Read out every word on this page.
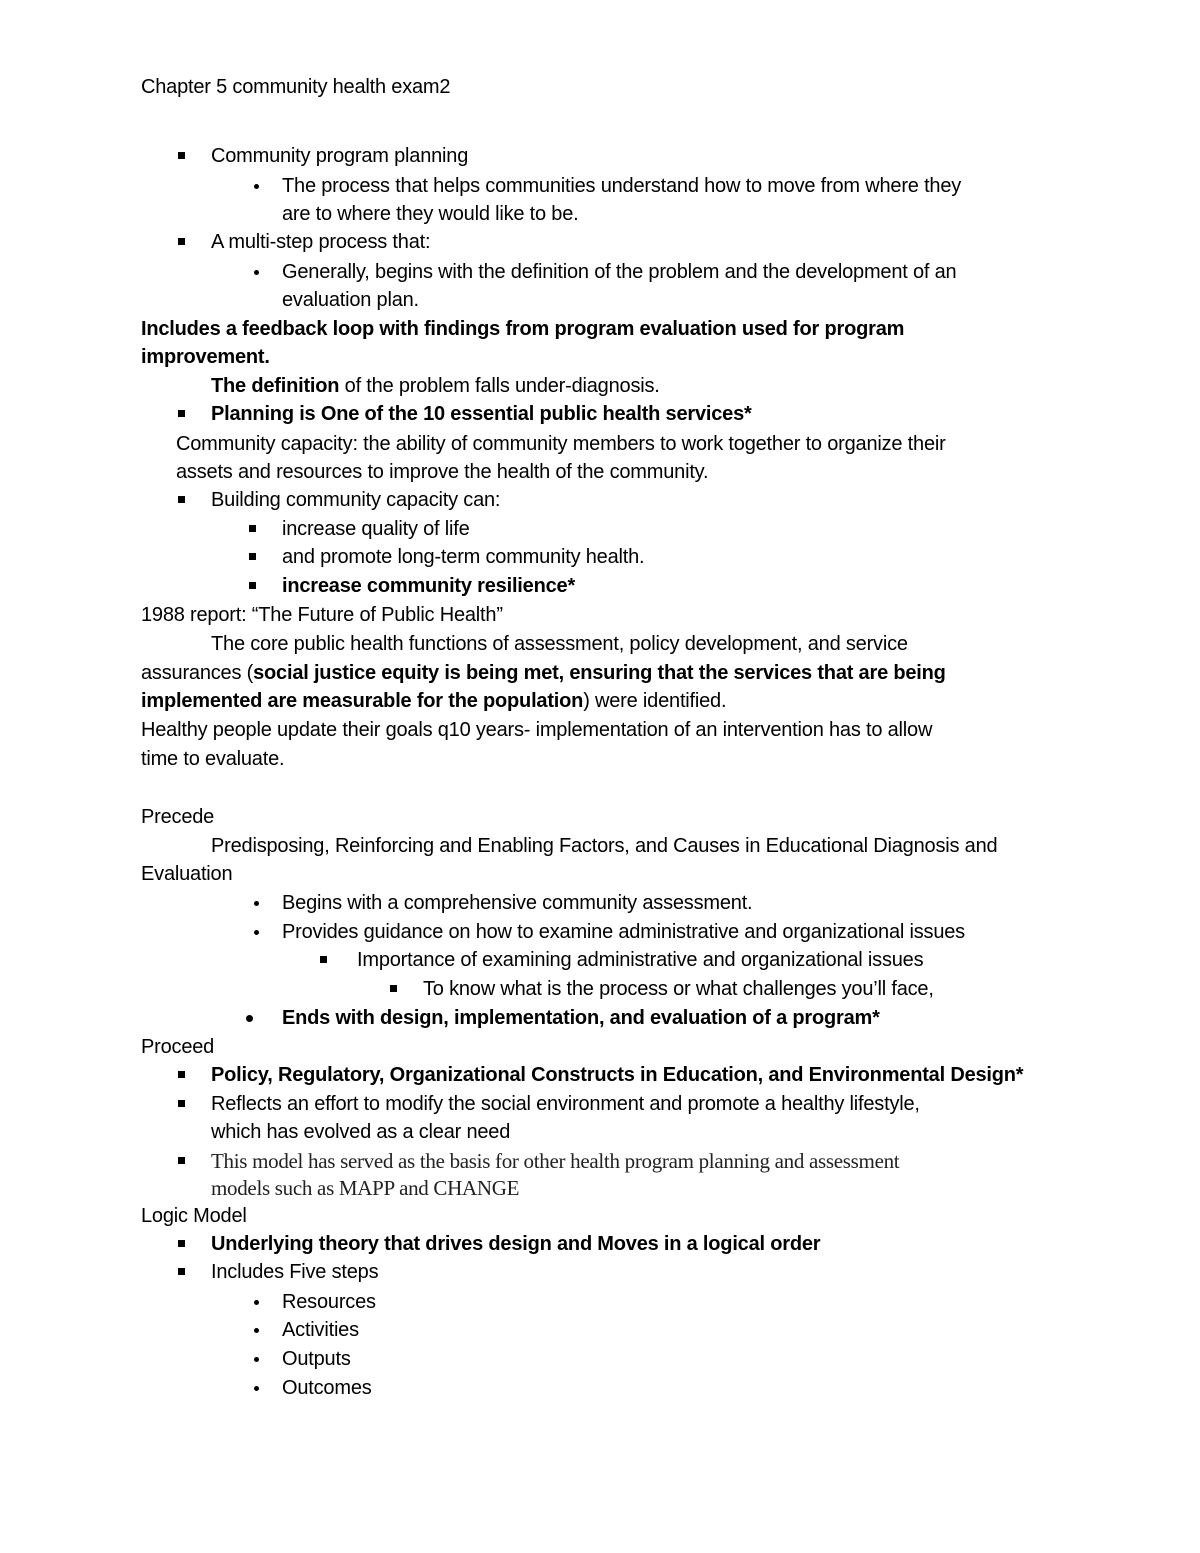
Chapter 5 community health exam2
Community program planning
The process that helps communities understand how to move from where they
are to where they would like to be.
A multi-step process that:
Generally, begins with the definition of the problem and the development of an
evaluation plan.
Includes a feedback loop with findings from program evaluation used for program
improvement.
The definition of the problem falls under-diagnosis.
Planning is One of the 10 essential public health services*
Community capacity: the ability of community members to work together to organize their
assets and resources to improve the health of the community.
Building community capacity can:
increase quality of life
and promote long-term community health.
increase community resilience*
1988 report: “The Future of Public Health”
The core public health functions of assessment, policy development, and service
assurances (social justice equity is being met, ensuring that the services that are being
implemented are measurable for the population) were identified.
Healthy people update their goals q10 years- implementation of an intervention has to allow
time to evaluate.
Precede
Predisposing, Reinforcing and Enabling Factors, and Causes in Educational Diagnosis and
Evaluation
Begins with a comprehensive community assessment.
Provides guidance on how to examine administrative and organizational issues
Importance of examining administrative and organizational issues
To know what is the process or what challenges you’ll face,
Ends with design, implementation, and evaluation of a program*
Proceed
Policy, Regulatory, Organizational Constructs in Education, and Environmental Design*
Reflects an effort to modify the social environment and promote a healthy lifestyle,
which has evolved as a clear need
This model has served as the basis for other health program planning and assessment
models such as MAPP and CHANGE
Logic Model
Underlying theory that drives design and Moves in a logical order
Includes Five steps
Resources
Activities
Outputs
Outcomes
